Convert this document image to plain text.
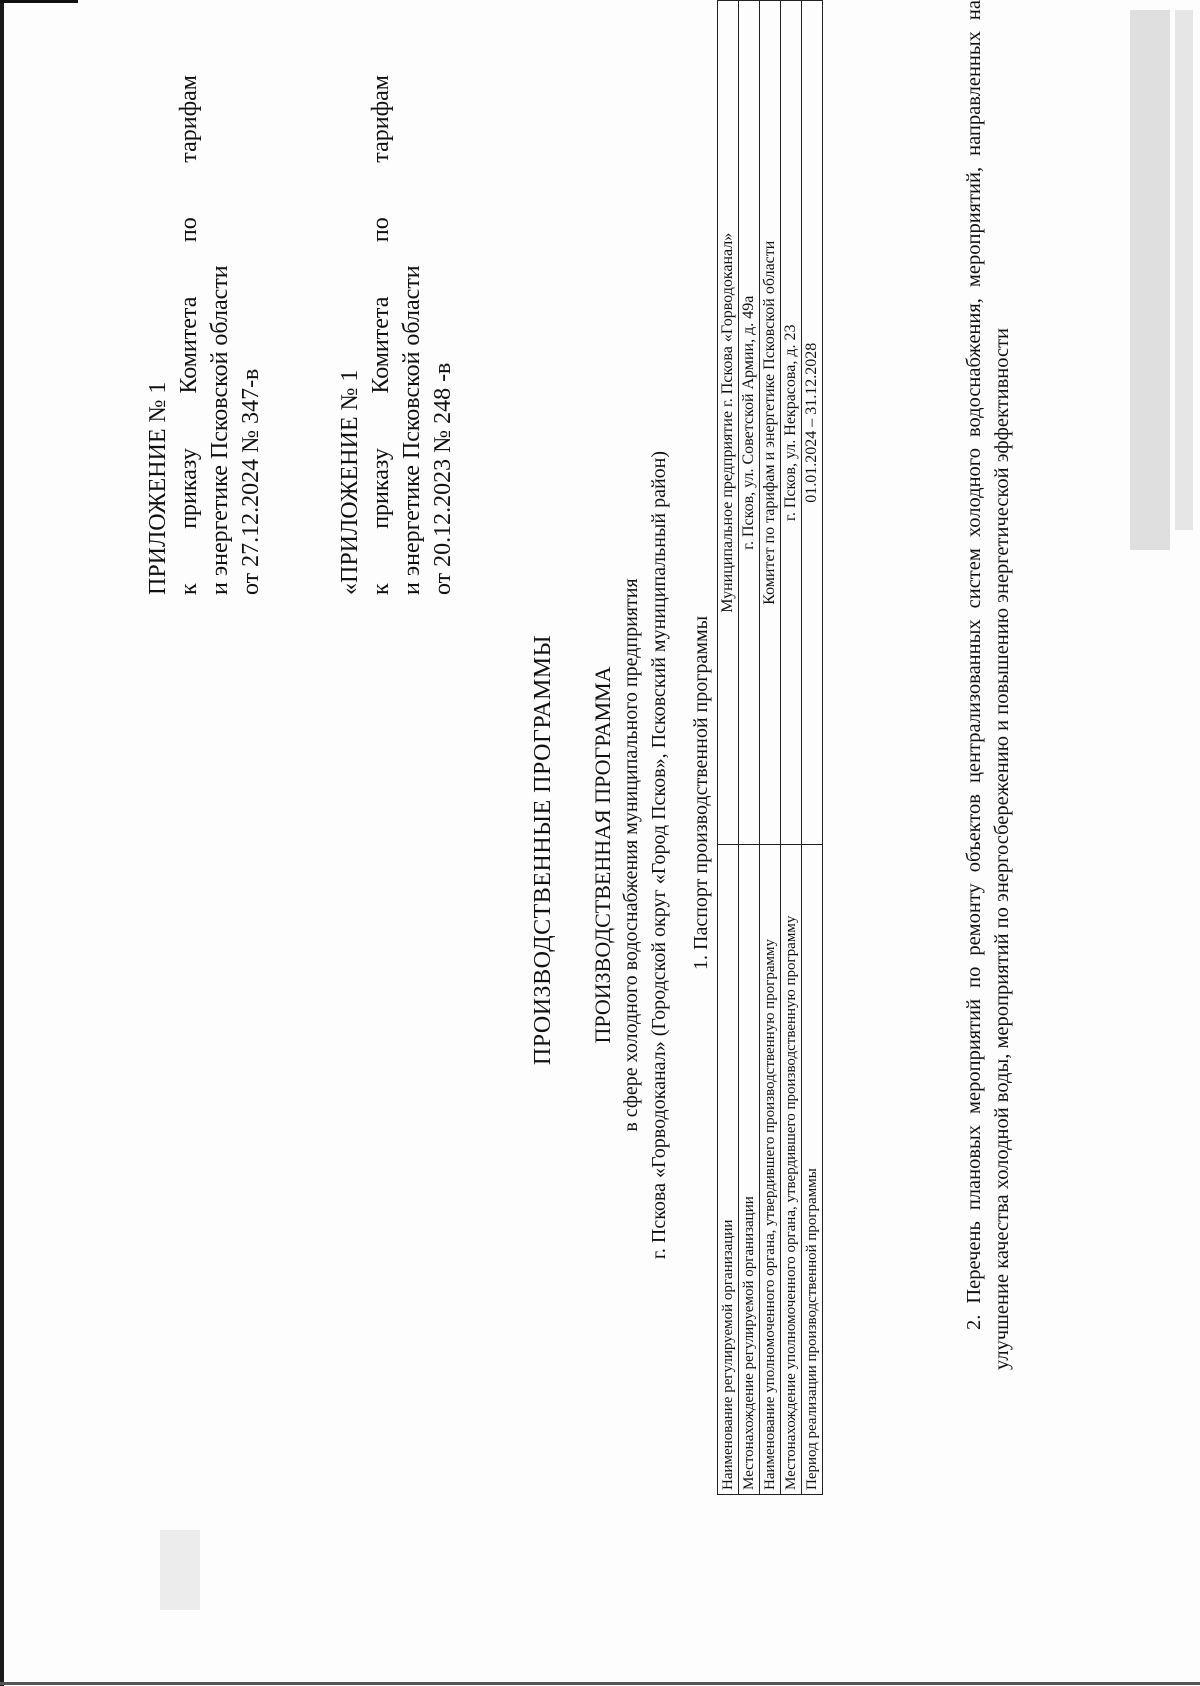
ПРИЛОЖЕНИЕ № 1 к
приказу
Комитета
по
тарифам
и энергетике Псковской области от 27.12.2024 № 347-в	«ПРИЛОЖЕНИЕ № 1 к
приказу
Комитета
по
тарифам
и энергетике Псковской области от 20.12.2023 № 248 -в
ПРОИЗВОДСТВЕННЫЕ ПРОГРАММЫ ПРОИЗВОДСТВЕННАЯ ПРОГРАММА в сфере холодного водоснабжения муниципального предприятия г. Пскова «Горводоканал» (Городской округ «Город Псков», Псковский муниципальный район) 1. Паспорт производственной программы
Наименование регулируемой организации	Муниципальное предприятие г. Пскова «Горводоканал»
Местонахождение регулируемой организации	г. Псков, ул. Советской Армии, д. 49а
Наименование уполномоченного органа, утвердившего производственную программу	Комитет по тарифам и энергетике Псковской области
Местонахождение уполномоченного органа, утвердившего производственную программу	г. Псков, ул. Некрасова, д. 23
Период реализации производственной программы	01.01.2024 – 31.12.2028	2. Перечень плановых мероприятий по ремонту объектов централизованных систем холодного водоснабжения, мероприятий, направленных на улучшение качества холодной воды, мероприятий по энергосбережению и повышению энергетической эффективности
